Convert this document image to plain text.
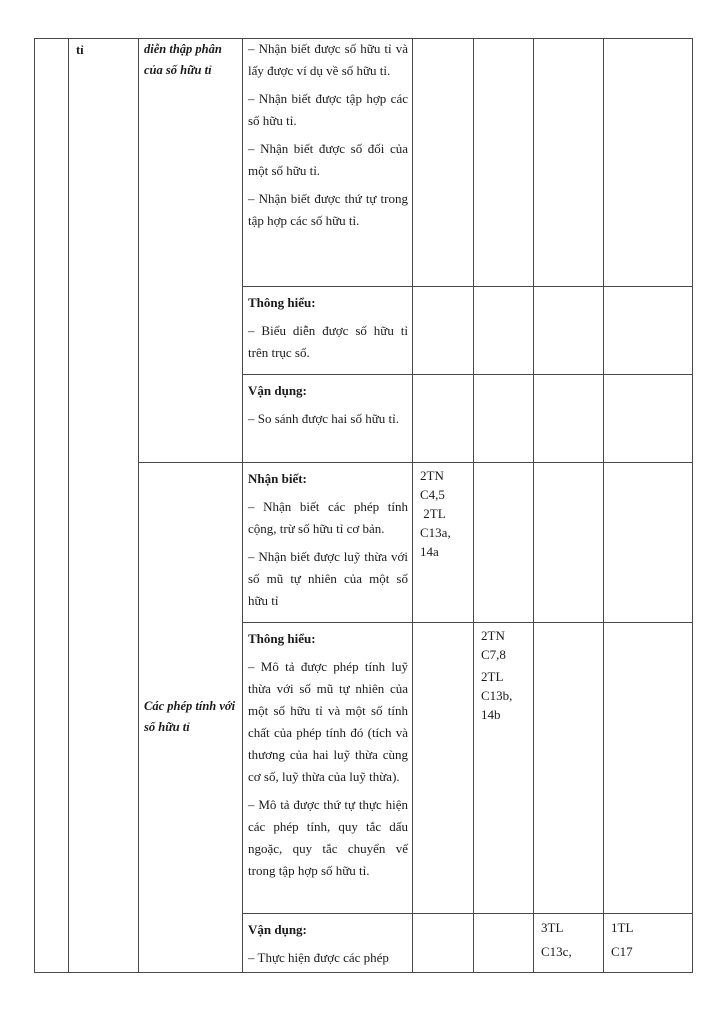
tỉ	diễn thập phân của số hữu tỉ
Các phép tính với số hữu tỉ

– Nhận biết được số hữu tỉ và lấy được ví dụ về số hữu tỉ.

– Nhận biết được tập hợp các số hữu tỉ.

– Nhận biết được số đối của một số hữu tỉ.

– Nhận biết được thứ tự trong tập hợp các số hữu tỉ.

Thông hiểu:

– Biểu diễn được số hữu tỉ trên trục số.

Vận dụng:

– So sánh được hai số hữu tỉ.

Nhận biết:

– Nhận biết các phép tính cộng, trừ số hữu tỉ cơ bản.

– Nhận biết được luỹ thừa với số mũ tự nhiên của một số hữu tỉ

2TN
C4,5
2TL
C13a,
14a

Thông hiểu:

– Mô tả được phép tính luỹ thừa với số mũ tự nhiên của một số hữu tỉ và một số tính chất của phép tính đó (tích và thương của hai luỹ thừa cùng cơ số, luỹ thừa của luỹ thừa).

– Mô tả được thứ tự thực hiện các phép tính, quy tắc dấu ngoặc, quy tắc chuyển vế trong tập hợp số hữu tỉ.

2TN
C7,8
2TL
C13b,
14b

Vận dụng:

– Thực hiện được các phép

3TL
C13c,
1TL
C17
